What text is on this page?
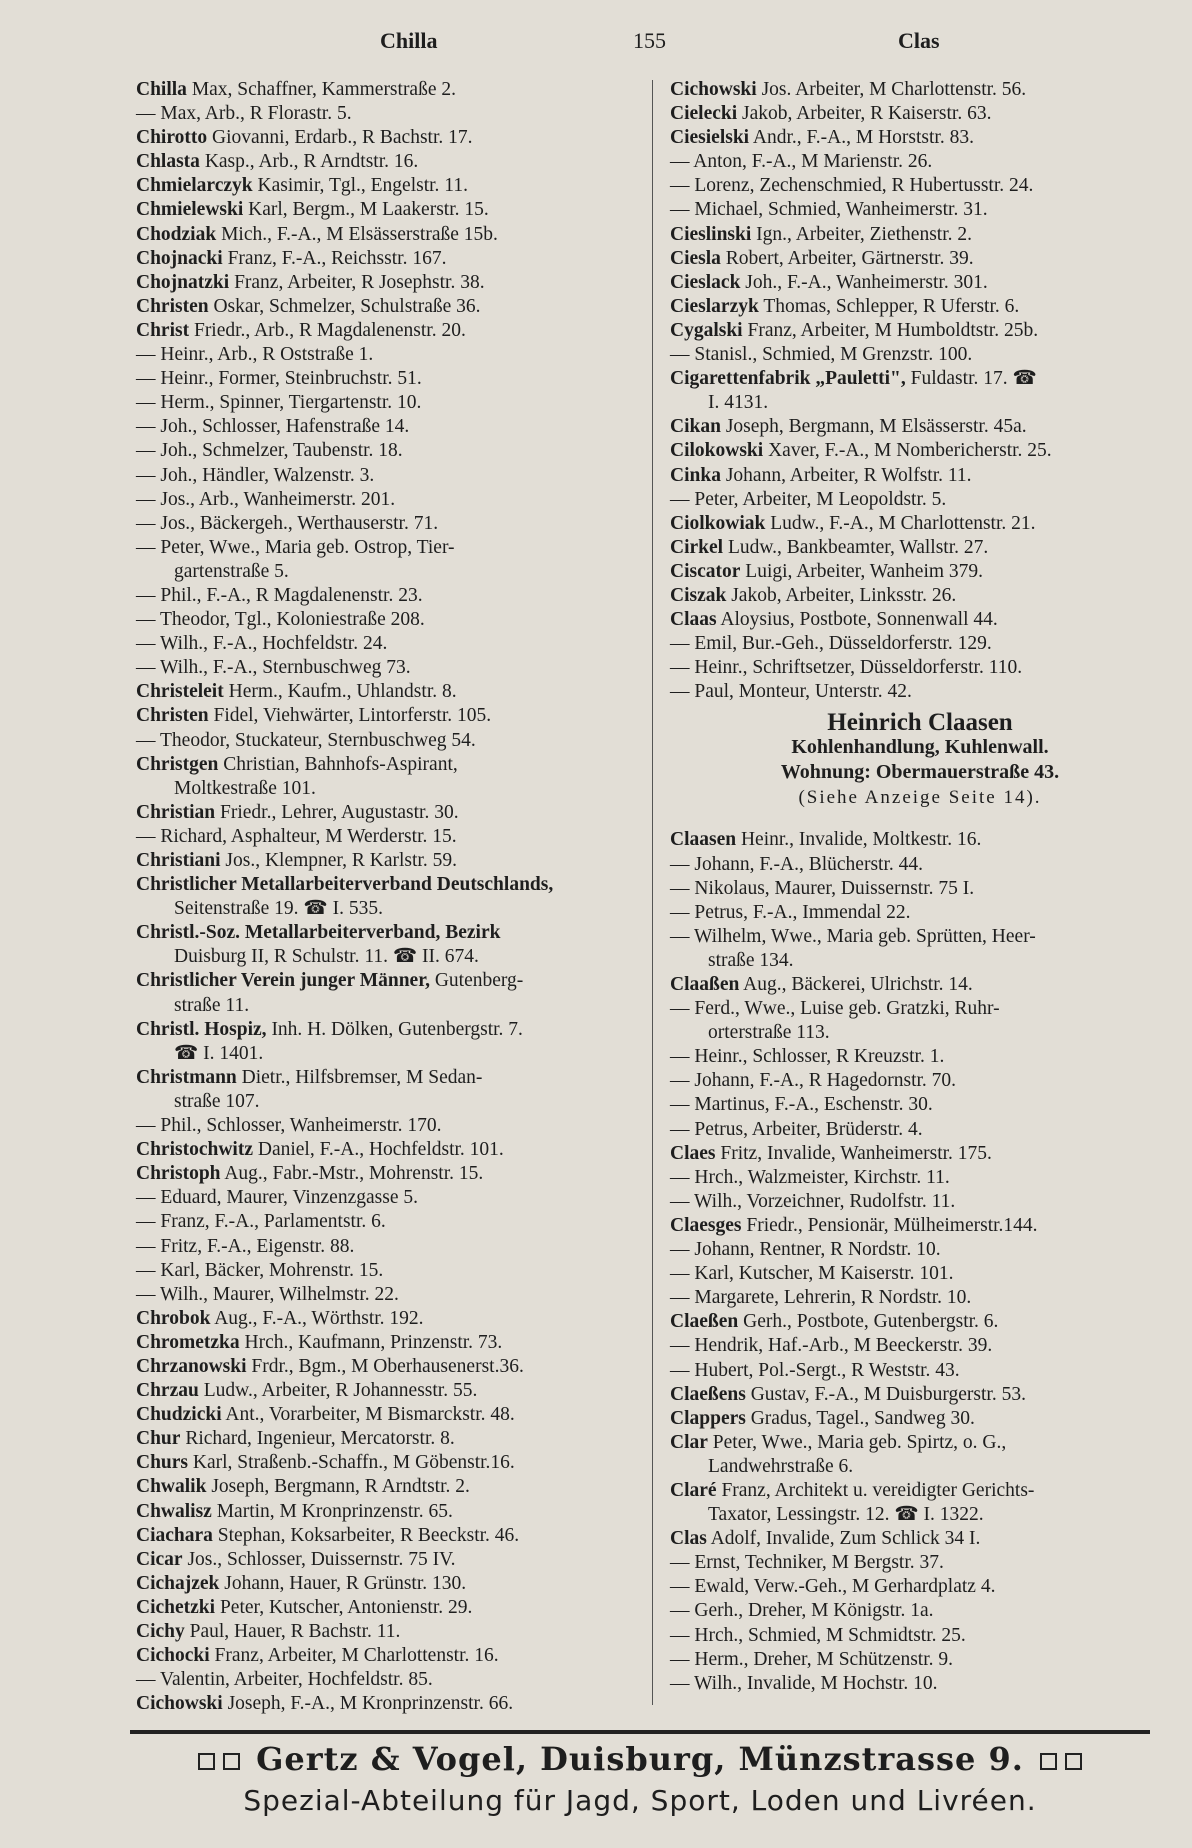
Chilla	155	Clas
Chilla Max, Schaffner, Kammerstraße 2.
— Max, Arb., R Florastr. 5.
Chirotto Giovanni, Erdarb., R Bachstr. 17.
Chlasta Kasp., Arb., R Arndtstr. 16.
Chmielarczyk Kasimir, Tgl., Engelstr. 11.
Chmielewski Karl, Bergm., M Laakerstr. 15.
Chodziak Mich., F.-A., M Elsässerstraße 15b.
Chojnacki Franz, F.-A., Reichsstr. 167.
Chojnatzki Franz, Arbeiter, R Josephstr. 38.
Christen Oskar, Schmelzer, Schulstraße 36.
Christ Friedr., Arb., R Magdalenenstr. 20.
— Heinr., Arb., R Oststraße 1.
— Heinr., Former, Steinbruchstr. 51.
— Herm., Spinner, Tiergartenstr. 10.
— Joh., Schlosser, Hafenstraße 14.
— Joh., Schmelzer, Taubenstr. 18.
— Joh., Händler, Walzenstr. 3.
— Jos., Arb., Wanheimerstr. 201.
— Jos., Bäckergeh., Werthauserstr. 71.
— Peter, Wwe., Maria geb. Ostrop, Tier-
gartenstraße 5.
— Phil., F.-A., R Magdalenenstr. 23.
— Theodor, Tgl., Koloniestraße 208.
— Wilh., F.-A., Hochfeldstr. 24.
— Wilh., F.-A., Sternbuschweg 73.
Christeleit Herm., Kaufm., Uhlandstr. 8.
Christen Fidel, Viehwärter, Lintorferstr. 105.
— Theodor, Stuckateur, Sternbuschweg 54.
Christgen Christian, Bahnhofs-Aspirant,
Moltkestraße 101.
Christian Friedr., Lehrer, Augustastr. 30.
— Richard, Asphalteur, M Werderstr. 15.
Christiani Jos., Klempner, R Karlstr. 59.
Christlicher Metallarbeiterverband Deutschlands,
Seitenstraße 19. ☎ I. 535.
Christl.-Soz. Metallarbeiterverband, Bezirk
Duisburg II, R Schulstr. 11. ☎ II. 674.
Christlicher Verein junger Männer, Gutenberg-
straße 11.
Christl. Hospiz, Inh. H. Dölken, Gutenbergstr. 7.
☎ I. 1401.
Christmann Dietr., Hilfsbremser, M Sedan-
straße 107.
— Phil., Schlosser, Wanheimerstr. 170.
Christochwitz Daniel, F.-A., Hochfeldstr. 101.
Christoph Aug., Fabr.-Mstr., Mohrenstr. 15.
— Eduard, Maurer, Vinzenzgasse 5.
— Franz, F.-A., Parlamentstr. 6.
— Fritz, F.-A., Eigenstr. 88.
— Karl, Bäcker, Mohrenstr. 15.
— Wilh., Maurer, Wilhelmstr. 22.
Chrobok Aug., F.-A., Wörthstr. 192.
Chrometzka Hrch., Kaufmann, Prinzenstr. 73.
Chrzanowski Frdr., Bgm., M Oberhausenerst.36.
Chrzau Ludw., Arbeiter, R Johannesstr. 55.
Chudzicki Ant., Vorarbeiter, M Bismarckstr. 48.
Chur Richard, Ingenieur, Mercatorstr. 8.
Churs Karl, Straßenb.-Schaffn., M Göbenstr.16.
Chwalik Joseph, Bergmann, R Arndtstr. 2.
Chwalisz Martin, M Kronprinzenstr. 65.
Ciachara Stephan, Koksarbeiter, R Beeckstr. 46.
Cicar Jos., Schlosser, Duissernstr. 75 IV.
Cichajzek Johann, Hauer, R Grünstr. 130.
Cichetzki Peter, Kutscher, Antonienstr. 29.
Cichy Paul, Hauer, R Bachstr. 11.
Cichocki Franz, Arbeiter, M Charlottenstr. 16.
— Valentin, Arbeiter, Hochfeldstr. 85.
Cichowski Joseph, F.-A., M Kronprinzenstr. 66.
Cichowski Jos. Arbeiter, M Charlottenstr. 56.
Cielecki Jakob, Arbeiter, R Kaiserstr. 63.
Ciesielski Andr., F.-A., M Horststr. 83.
— Anton, F.-A., M Marienstr. 26.
— Lorenz, Zechenschmied, R Hubertusstr. 24.
— Michael, Schmied, Wanheimerstr. 31.
Cieslinski Ign., Arbeiter, Ziethenstr. 2.
Ciesla Robert, Arbeiter, Gärtnerstr. 39.
Cieslack Joh., F.-A., Wanheimerstr. 301.
Cieslarzyk Thomas, Schlepper, R Uferstr. 6.
Cygalski Franz, Arbeiter, M Humboldtstr. 25b.
— Stanisl., Schmied, M Grenzstr. 100.
Cigarettenfabrik „Pauletti", Fuldastr. 17. ☎
I. 4131.
Cikan Joseph, Bergmann, M Elsässerstr. 45a.
Cilokowski Xaver, F.-A., M Nombericherstr. 25.
Cinka Johann, Arbeiter, R Wolfstr. 11.
— Peter, Arbeiter, M Leopoldstr. 5.
Ciolkowiak Ludw., F.-A., M Charlottenstr. 21.
Cirkel Ludw., Bankbeamter, Wallstr. 27.
Ciscator Luigi, Arbeiter, Wanheim 379.
Ciszak Jakob, Arbeiter, Linksstr. 26.
Claas Aloysius, Postbote, Sonnenwall 44.
— Emil, Bur.-Geh., Düsseldorferstr. 129.
— Heinr., Schriftsetzer, Düsseldorferstr. 110.
— Paul, Monteur, Unterstr. 42.
Heinrich Claasen
Kohlenhandlung, Kuhlenwall.
Wohnung: Obermauerstraße 43.
(Siehe Anzeige Seite 14).
Claasen Heinr., Invalide, Moltkestr. 16.
— Johann, F.-A., Blücherstr. 44.
— Nikolaus, Maurer, Duissernstr. 75 I.
— Petrus, F.-A., Immendal 22.
— Wilhelm, Wwe., Maria geb. Sprütten, Heer-
straße 134.
Claaßen Aug., Bäckerei, Ulrichstr. 14.
— Ferd., Wwe., Luise geb. Gratzki, Ruhr-
orterstraße 113.
— Heinr., Schlosser, R Kreuzstr. 1.
— Johann, F.-A., R Hagedornstr. 70.
— Martinus, F.-A., Eschenstr. 30.
— Petrus, Arbeiter, Brüderstr. 4.
Claes Fritz, Invalide, Wanheimerstr. 175.
— Hrch., Walzmeister, Kirchstr. 11.
— Wilh., Vorzeichner, Rudolfstr. 11.
Claesges Friedr., Pensionär, Mülheimerstr.144.
— Johann, Rentner, R Nordstr. 10.
— Karl, Kutscher, M Kaiserstr. 101.
— Margarete, Lehrerin, R Nordstr. 10.
Claeßen Gerh., Postbote, Gutenbergstr. 6.
— Hendrik, Haf.-Arb., M Beeckerstr. 39.
— Hubert, Pol.-Sergt., R Weststr. 43.
Claeßens Gustav, F.-A., M Duisburgerstr. 53.
Clappers Gradus, Tagel., Sandweg 30.
Clar Peter, Wwe., Maria geb. Spirtz, o. G.,
Landwehrstraße 6.
Claré Franz, Architekt u. vereidigter Gerichts-
Taxator, Lessingstr. 12. ☎ I. 1322.
Clas Adolf, Invalide, Zum Schlick 34 I.
— Ernst, Techniker, M Bergstr. 37.
— Ewald, Verw.-Geh., M Gerhardplatz 4.
— Gerh., Dreher, M Königstr. 1a.
— Hrch., Schmied, M Schmidtstr. 25.
— Herm., Dreher, M Schützenstr. 9.
— Wilh., Invalide, M Hochstr. 10.
Gertz & Vogel, Duisburg, Münzstrasse 9.
Spezial-Abteilung für Jagd, Sport, Loden und Livréen.
